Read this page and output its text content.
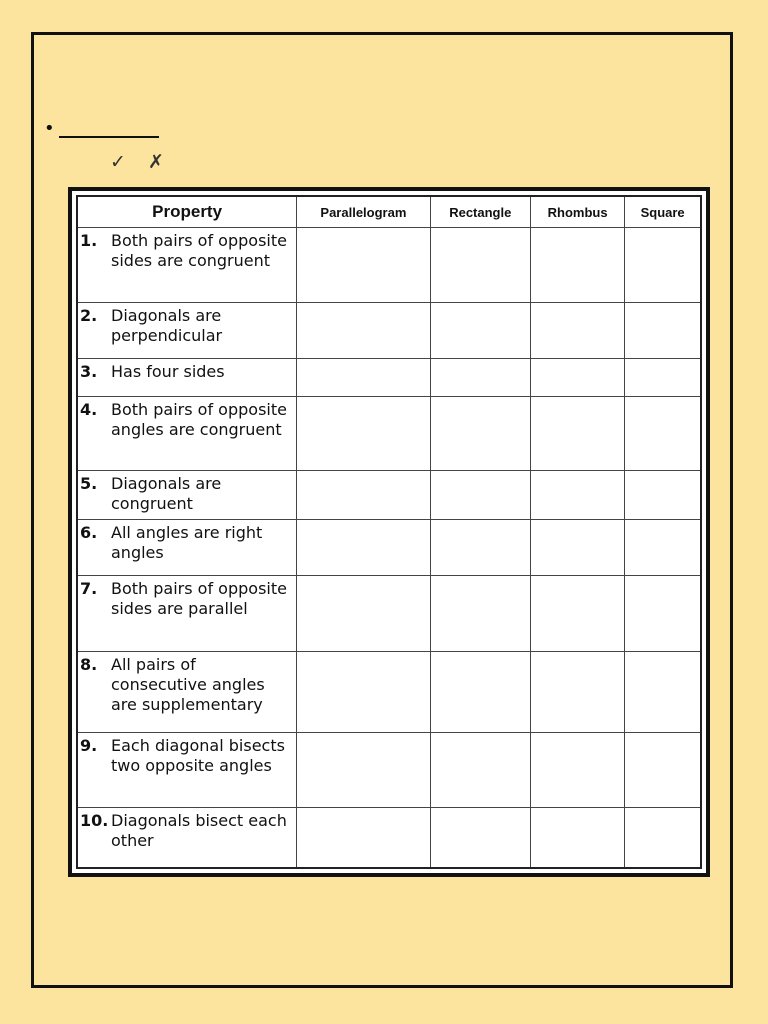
•
✓ ✗
Property	Parallelogram	Rectangle	Rhombus	Square

1. Both pairs of opposite sides are congruent				

2. Diagonals are perpendicular				

3. Has four sides				

4. Both pairs of opposite angles are congruent				

5. Diagonals are congruent				

6. All angles are right angles				

7. Both pairs of opposite sides are parallel				

8. All pairs of consecutive angles are supplementary				

9. Each diagonal bisects two opposite angles				

10. Diagonals bisect each other				
